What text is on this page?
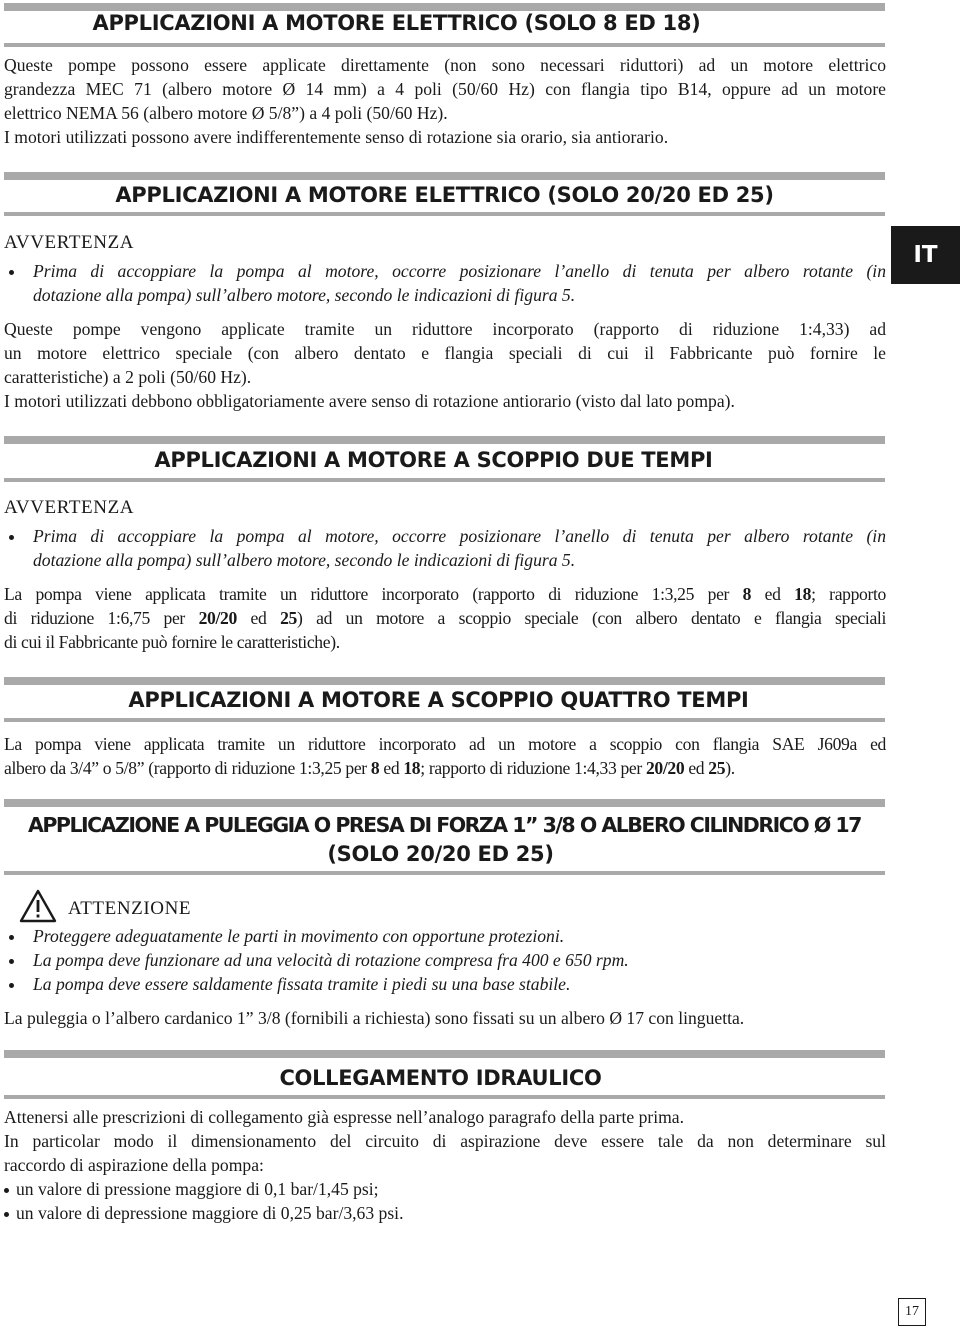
APPLICAZIONI A MOTORE ELETTRICO (SOLO 8 ED 18)
Queste pompe possono essere applicate direttamente (non sono necessari riduttori) ad un motore elettrico
grandezza MEC 71 (albero motore Ø 14 mm) a 4 poli (50/60 Hz) con flangia tipo B14, oppure ad un motore
elettrico NEMA 56 (albero motore Ø 5/8”) a 4 poli (50/60 Hz).
I motori utilizzati possono avere indifferentemente senso di rotazione sia orario, sia antiorario.
APPLICAZIONI A MOTORE ELETTRICO (SOLO 20/20 ED 25)
AVVERTENZA
Prima di accoppiare la pompa al motore, occorre posizionare l’anello di tenuta per albero rotante (in
dotazione alla pompa) sull’albero motore, secondo le indicazioni di figura 5.
Queste pompe vengono applicate tramite un riduttore incorporato (rapporto di riduzione 1:4,33) ad
un motore elettrico speciale (con albero dentato e flangia speciali di cui il Fabbricante può fornire le
caratteristiche) a 2 poli (50/60 Hz).
I motori utilizzati debbono obbligatoriamente avere senso di rotazione antiorario (visto dal lato pompa).
APPLICAZIONI A MOTORE A SCOPPIO DUE TEMPI
AVVERTENZA
Prima di accoppiare la pompa al motore, occorre posizionare l’anello di tenuta per albero rotante (in
dotazione alla pompa) sull’albero motore, secondo le indicazioni di figura 5.
La pompa viene applicata tramite un riduttore incorporato (rapporto di riduzione 1:3,25 per 8 ed 18; rapporto
di riduzione 1:6,75 per 20/20 ed 25) ad un motore a scoppio speciale (con albero dentato e flangia speciali
di cui il Fabbricante può fornire le caratteristiche).
APPLICAZIONI A MOTORE A SCOPPIO QUATTRO TEMPI
La pompa viene applicata tramite un riduttore incorporato ad un motore a scoppio con flangia SAE J609a ed
albero da 3/4” o 5/8” (rapporto di riduzione 1:3,25 per 8 ed 18; rapporto di riduzione 1:4,33 per 20/20 ed 25).
APPLICAZIONE A PULEGGIA O PRESA DI FORZA 1” 3/8 O ALBERO CILINDRICO Ø 17
(SOLO 20/20 ED 25)
ATTENZIONE
Proteggere adeguatamente le parti in movimento con opportune protezioni.
La pompa deve funzionare ad una velocità di rotazione compresa fra 400 e 650 rpm.
La pompa deve essere saldamente fissata tramite i piedi su una base stabile.
La puleggia o l’albero cardanico 1” 3/8 (fornibili a richiesta) sono fissati su un albero Ø 17 con linguetta.
COLLEGAMENTO IDRAULICO
Attenersi alle prescrizioni di collegamento già espresse nell’analogo paragrafo della parte prima.
In particolar modo il dimensionamento del circuito di aspirazione deve essere tale da non determinare sul
raccordo di aspirazione della pompa:
un valore di pressione maggiore di 0,1 bar/1,45 psi;
un valore di depressione maggiore di 0,25 bar/3,63 psi.
IT
17
